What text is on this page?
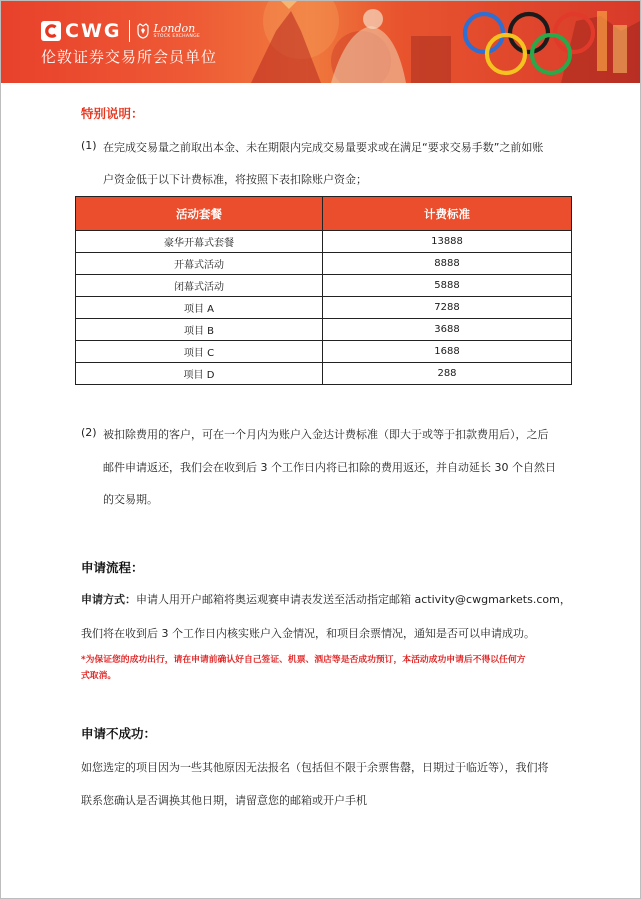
CWG	London
STOCK EXCHANGE
伦敦证券交易所会员单位
特别说明：
(1) 在完成交易量之前取出本金、未在期限内完成交易量要求或在满足“要求交易手数”之前如账
户资金低于以下计费标准，将按照下表扣除账户资金；
活动套餐	计费标准
豪华开幕式套餐	13888
开幕式活动	8888
闭幕式活动	5888
项目 A	7288
项目 B	3688
项目 C	1688
项目 D	288
(2) 被扣除费用的客户，可在一个月内为账户入金达计费标准（即大于或等于扣款费用后），之后
邮件申请返还，我们会在收到后 3 个工作日内将已扣除的费用返还，并自动延长 30 个自然日
的交易期。
申请流程：
申请方式：申请人用开户邮箱将奥运观赛申请表发送至活动指定邮箱 activity@cwgmarkets.com，
我们将在收到后 3 个工作日内核实账户入金情况，和项目余票情况，通知是否可以申请成功。
*为保证您的成功出行，请在申请前确认好自己签证、机票、酒店等是否成功预订，本活动成功申请后不得以任何方
式取消。
申请不成功：
如您选定的项目因为一些其他原因无法报名（包括但不限于余票售罄，日期过于临近等），我们将
联系您确认是否调换其他日期，请留意您的邮箱或开户手机
